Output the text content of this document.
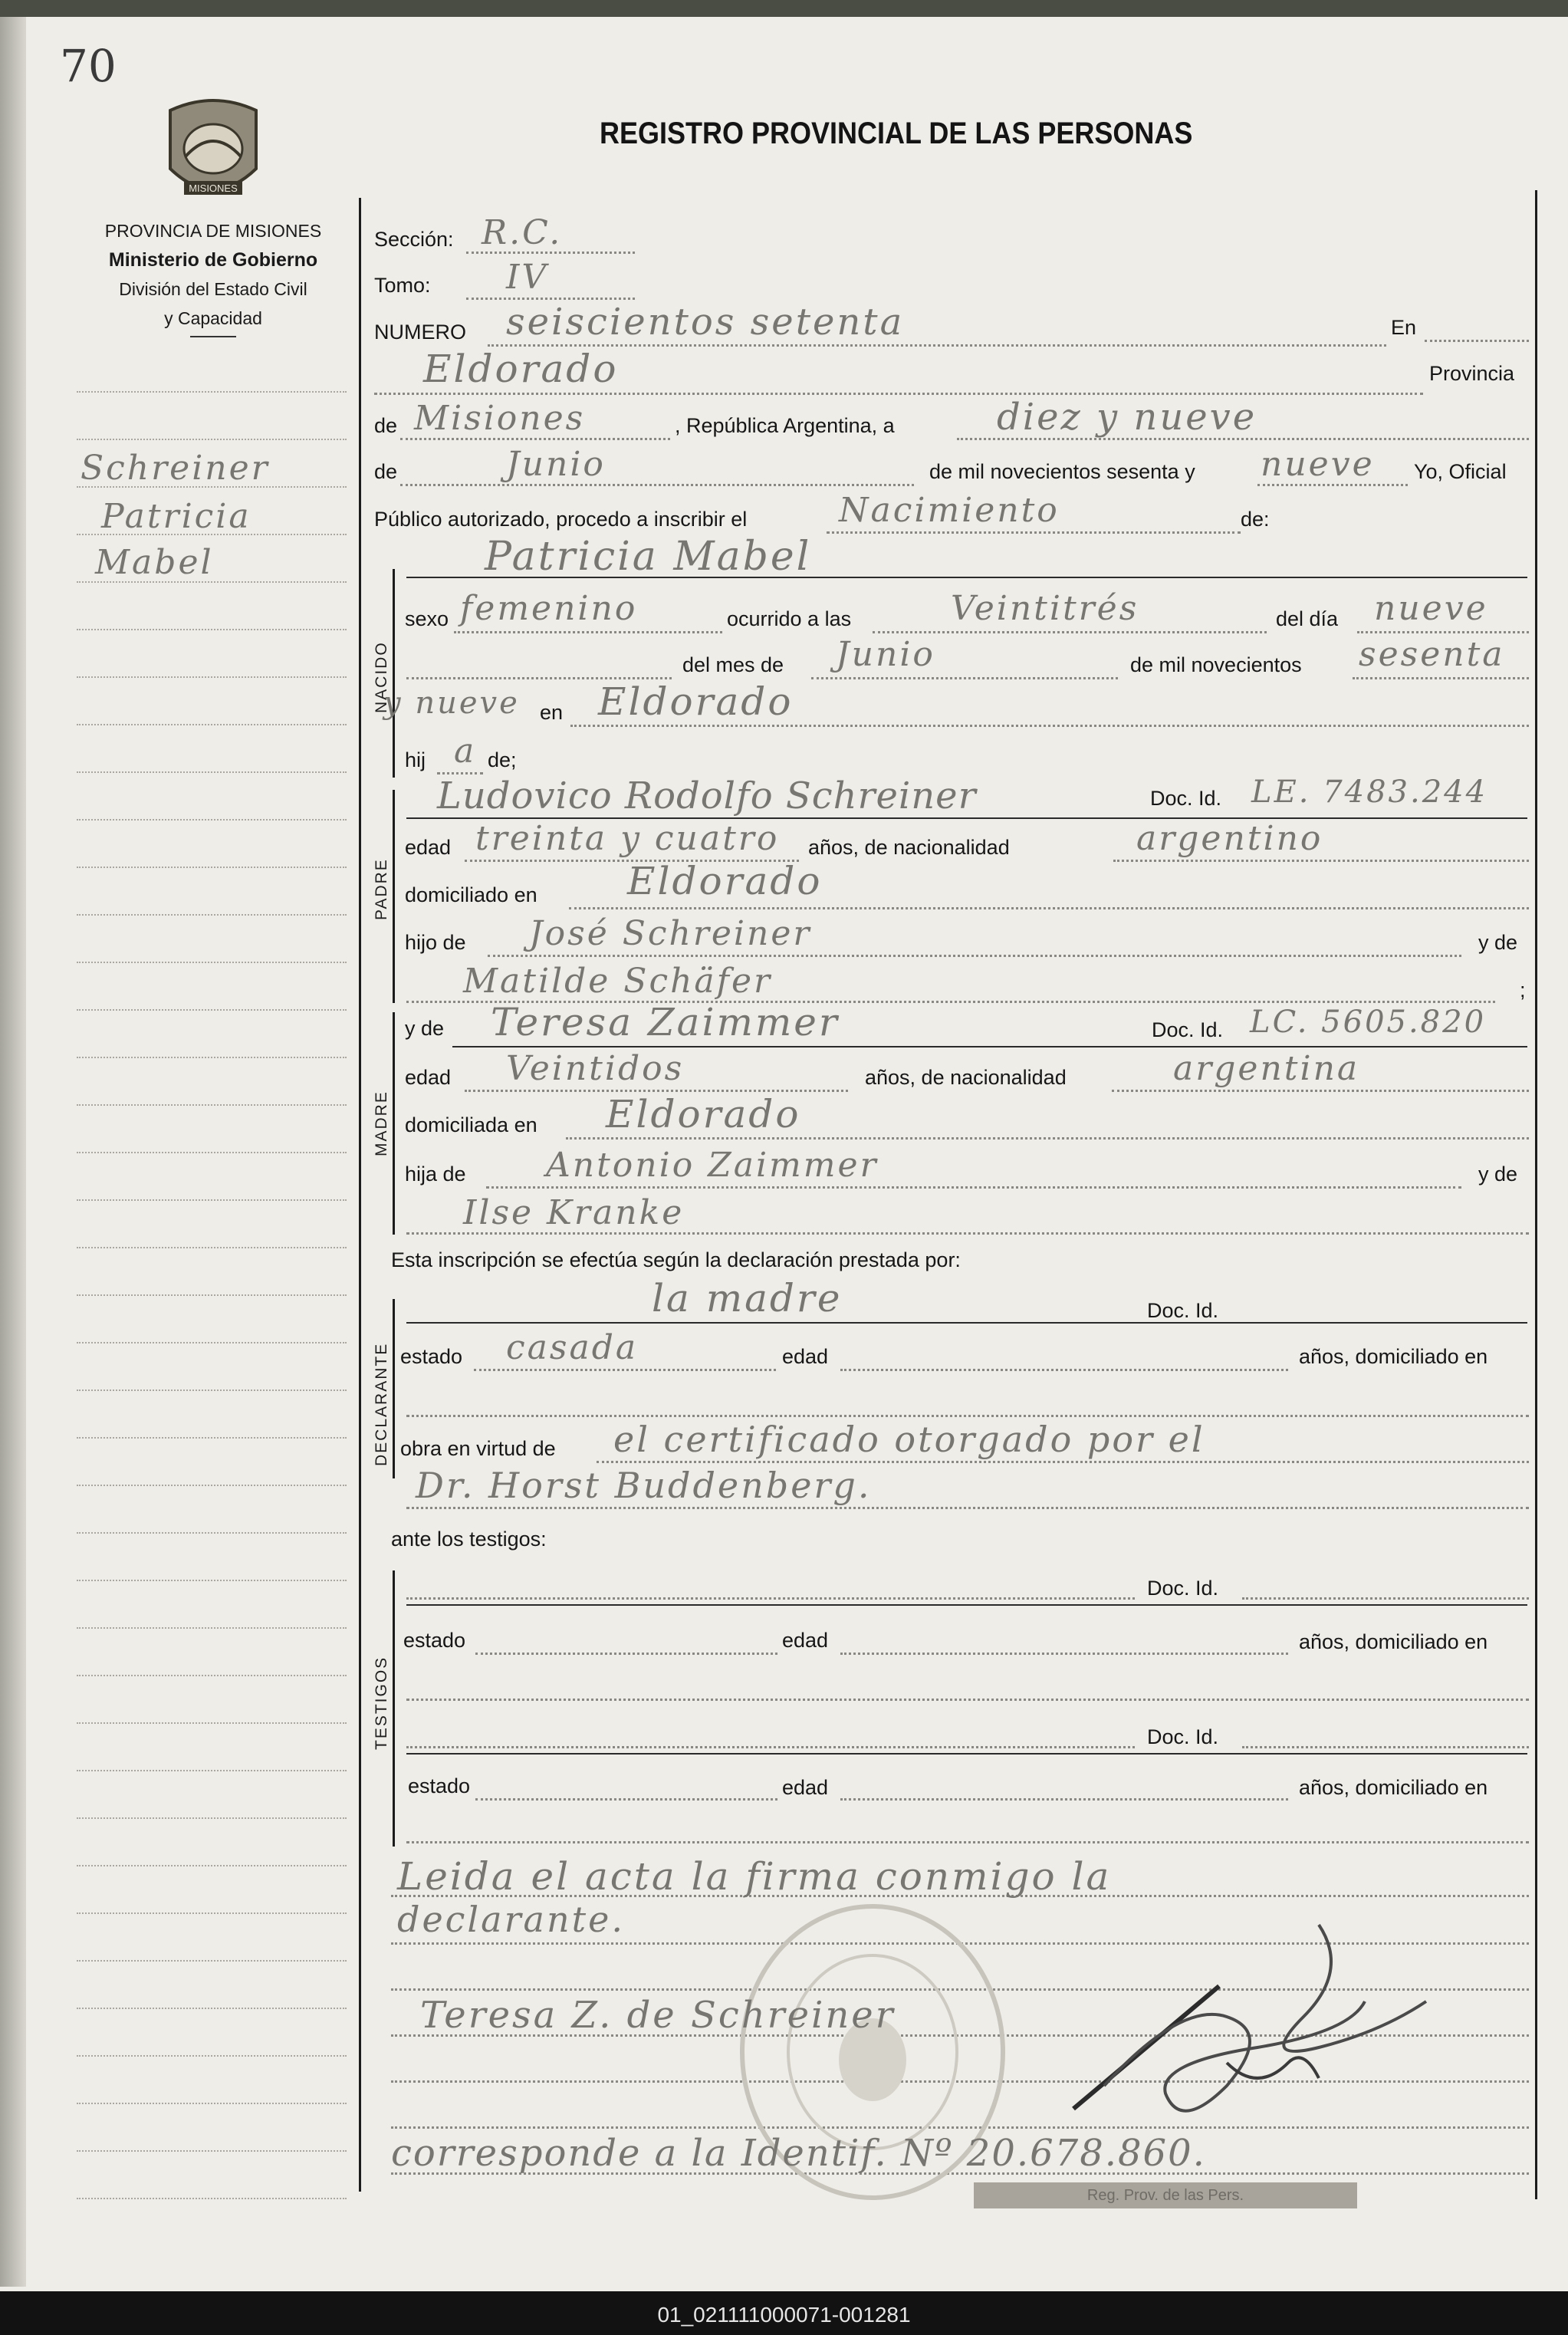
70
MISIONES
REGISTRO PROVINCIAL DE LAS PERSONAS
PROVINCIA DE MISIONES
Ministerio de Gobierno
División del Estado Civil
y Capacidad
Schreiner
Patricia
Mabel
Sección: R.C.
Tomo: IV
NUMERO seiscientos setenta	En
Eldorado	Provincia
de Misiones	, República Argentina, a	diez y nueve
de	Junio	de mil novecientos sesenta y nueve Yo, Oficial
Público autorizado, procedo a inscribir el	Nacimiento	de:
NACIDO
Patricia Mabel
sexo femenino	ocurrido a las	Veintitrés	del día nueve
del mes de Junio	de mil novecientos sesenta
y nueve en Eldorado
hij a de;
PADRE
Ludovico Rodolfo Schreiner	Doc. Id. LE. 7483.244
edad treinta y cuatro años, de nacionalidad	argentino
domiciliado en Eldorado
hijo de José Schreiner	y de
Matilde Schäfer	;
MADRE
y de Teresa Zaimmer	Doc. Id. LC. 5605.820
edad Veintidos	años, de nacionalidad	argentina
domiciliada en Eldorado
hija de Antonio Zaimmer	y de
Ilse Kranke
Esta inscripción se efectúa según la declaración prestada por:
DECLARANTE
la madre	Doc. Id.
estado casada	edad	años, domiciliado en
obra en virtud de el certificado otorgado por el
Dr. Horst Buddenberg.
ante los testigos:
TESTIGOS
Doc. Id.
estado	edad	años, domiciliado en
Doc. Id.
estado	edad	años, domiciliado en
Leida el acta la firma conmigo la
declarante.
Teresa Z. de Schreiner
corresponde a la Identif. Nº 20.678.860.
Reg. Prov. de las Pers.
01_021111000071-001281
